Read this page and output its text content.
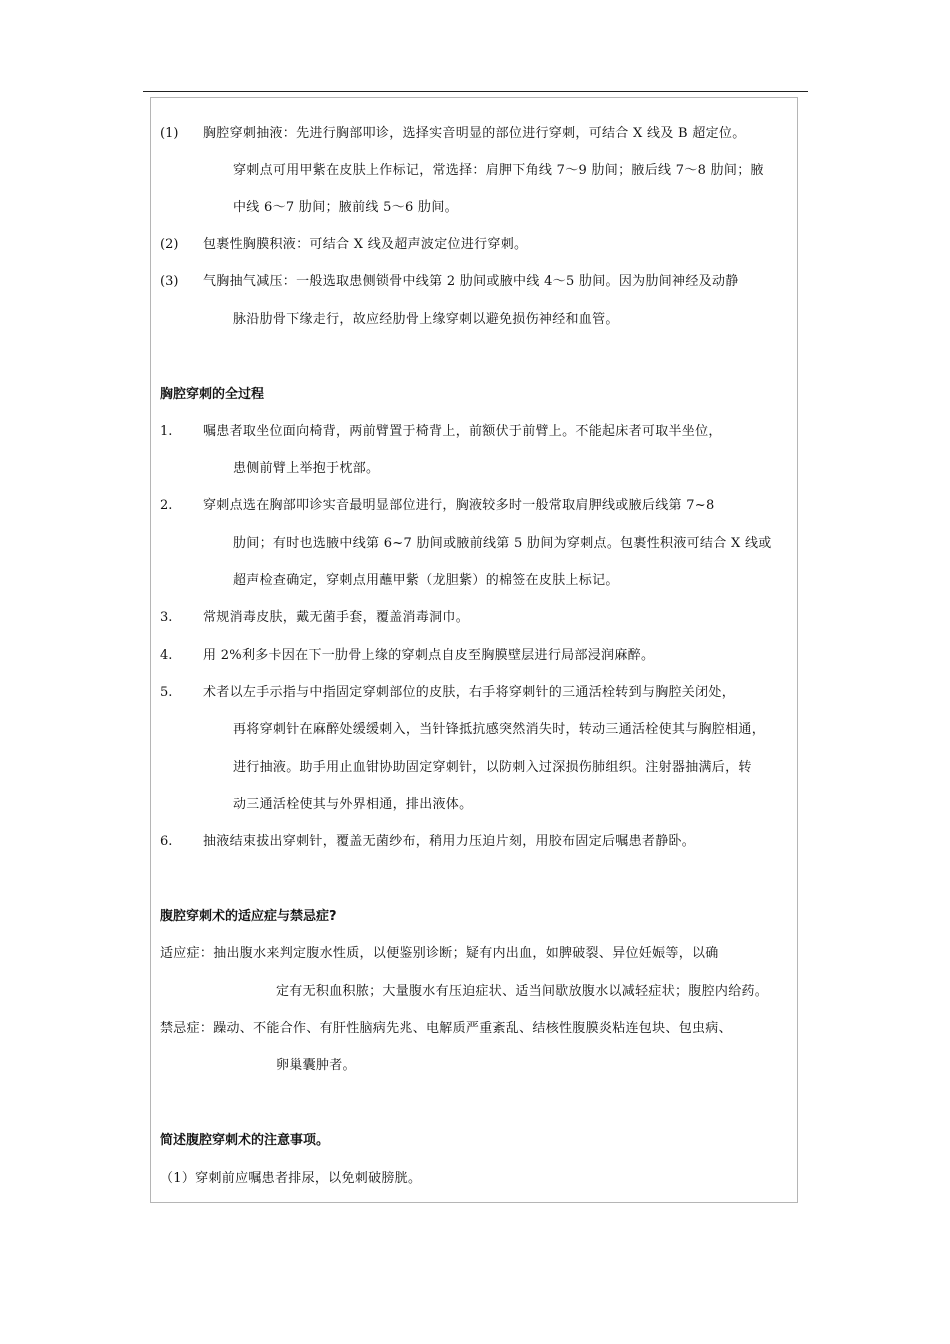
(1) 胸腔穿刺抽液：先进行胸部叩诊，选择实音明显的部位进行穿刺，可结合 X 线及 B 超定位。
穿刺点可用甲紫在皮肤上作标记，常选择：肩胛下角线 7～9 肋间；腋后线 7～8 肋间；腋
中线 6～7 肋间；腋前线 5～6 肋间。
(2) 包裹性胸膜积液：可结合 X 线及超声波定位进行穿刺。
(3) 气胸抽气减压：一般选取患侧锁骨中线第 2 肋间或腋中线 4～5 肋间。因为肋间神经及动静
脉沿肋骨下缘走行，故应经肋骨上缘穿刺以避免损伤神经和血管。
胸腔穿刺的全过程
1. 嘱患者取坐位面向椅背，两前臂置于椅背上，前额伏于前臂上。不能起床者可取半坐位，
患侧前臂上举抱于枕部。
2. 穿刺点选在胸部叩诊实音最明显部位进行，胸液较多时一般常取肩胛线或腋后线第 7~8
肋间；有时也选腋中线第 6~7 肋间或腋前线第 5 肋间为穿刺点。包裹性积液可结合 X 线或
超声检查确定，穿刺点用蘸甲紫（龙胆紫）的棉签在皮肤上标记。
3. 常规消毒皮肤，戴无菌手套，覆盖消毒洞巾。
4. 用 2%利多卡因在下一肋骨上缘的穿刺点自皮至胸膜壁层进行局部浸润麻醉。
5. 术者以左手示指与中指固定穿刺部位的皮肤，右手将穿刺针的三通活栓转到与胸腔关闭处，
再将穿刺针在麻醉处缓缓刺入，当针锋抵抗感突然消失时，转动三通活栓使其与胸腔相通，
进行抽液。助手用止血钳协助固定穿刺针，以防刺入过深损伤肺组织。注射器抽满后，转
动三通活栓使其与外界相通，排出液体。
6. 抽液结束拔出穿刺针，覆盖无菌纱布，稍用力压迫片刻，用胶布固定后嘱患者静卧。
腹腔穿刺术的适应症与禁忌症?
适应症：抽出腹水来判定腹水性质，以便鉴别诊断；疑有内出血，如脾破裂、异位妊娠等，以确
定有无积血积脓；大量腹水有压迫症状、适当间歇放腹水以减轻症状；腹腔内给药。
禁忌症：躁动、不能合作、有肝性脑病先兆、电解质严重紊乱、结核性腹膜炎粘连包块、包虫病、
卵巢囊肿者。
简述腹腔穿刺术的注意事项。
（1）穿刺前应嘱患者排尿，以免刺破膀胱。
